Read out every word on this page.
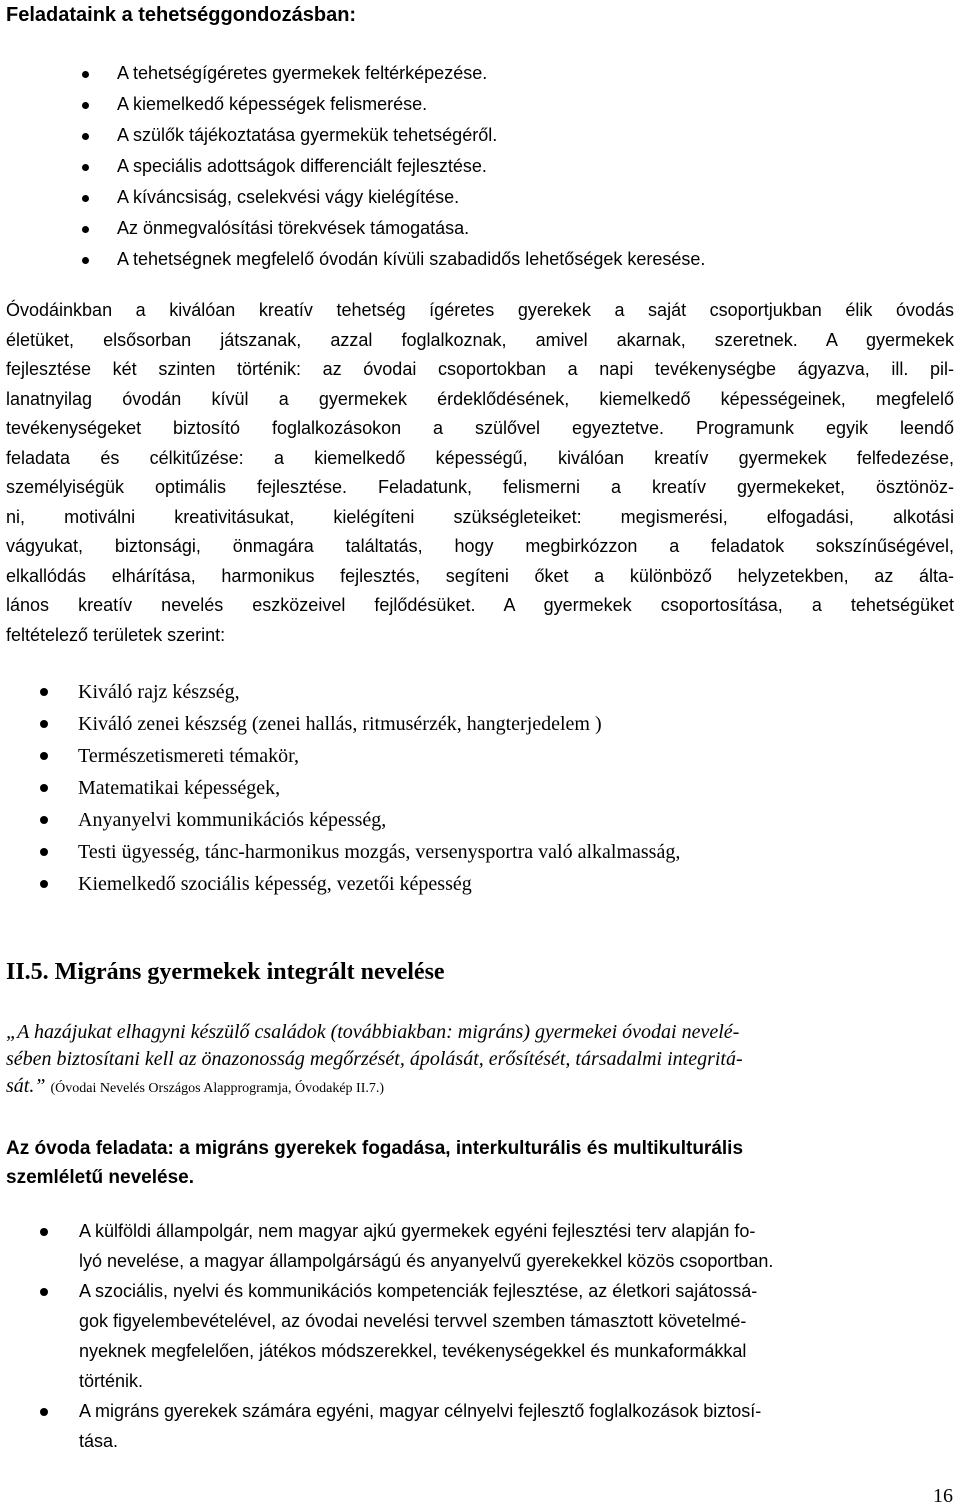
Feladataink a tehetséggondozásban:
A tehetségígéretes gyermekek feltérképezése.
A kiemelkedő képességek felismerése.
A szülők tájékoztatása gyermekük tehetségéről.
A speciális adottságok differenciált fejlesztése.
A kíváncsiság, cselekvési vágy kielégítése.
Az önmegvalósítási törekvések támogatása.
A tehetségnek megfelelő óvodán kívüli szabadidős lehetőségek keresése.

Óvodáinkban a kiválóan kreatív tehetség ígéretes gyerekek a saját csoportjukban élik óvodás
életüket, elsősorban játszanak, azzal foglalkoznak, amivel akarnak, szeretnek. A gyermekek
fejlesztése két szinten történik: az óvodai csoportokban a napi tevékenységbe ágyazva, ill. pil-
lanatnyilag óvodán kívül a gyermekek érdeklődésének, kiemelkedő képességeinek, megfelelő
tevékenységeket biztosító foglalkozásokon a szülővel egyeztetve. Programunk egyik leendő
feladata és célkitűzése: a kiemelkedő képességű, kiválóan kreatív gyermekek felfedezése,
személyiségük optimális fejlesztése. Feladatunk, felismerni a kreatív gyermekeket, ösztönöz-
ni, motiválni kreativitásukat, kielégíteni szükségleteiket: megismerési, elfogadási, alkotási
vágyukat, biztonsági, önmagára találtatás, hogy megbirkózzon a feladatok sokszínűségével,
elkallódás elhárítása, harmonikus fejlesztés, segíteni őket a különböző helyzetekben, az álta-
lános kreatív nevelés eszközeivel fejlődésüket. A gyermekek csoportosítása, a tehetségüket
feltételező területek szerint:

Kiváló rajz készség,
Kiváló zenei készség (zenei hallás, ritmusérzék, hangterjedelem )
Természetismereti témakör,
Matematikai képességek,
Anyanyelvi kommunikációs képesség,
Testi ügyesség, tánc-harmonikus mozgás, versenysportra való alkalmasság,
Kiemelkedő szociális képesség, vezetői képesség
II.5. Migráns gyermekek integrált nevelése

„A hazájukat elhagyni készülő családok (továbbiakban: migráns) gyermekei óvodai nevelé-
sében biztosítani kell az önazonosság megőrzését, ápolását, erősítését, társadalmi integritá-
sát.” (Óvodai Nevelés Országos Alapprogramja, Óvodakép II.7.)

Az óvoda feladata: a migráns gyerekek fogadása, interkulturális és multikulturális
szemléletű nevelése.
A külföldi állampolgár, nem magyar ajkú gyermekek egyéni fejlesztési terv alapján fo-
lyó nevelése, a magyar állampolgárságú és anyanyelvű gyerekekkel közös csoportban.
A szociális, nyelvi és kommunikációs kompetenciák fejlesztése, az életkori sajátossá-
gok figyelembevételével, az óvodai nevelési tervvel szemben támasztott követelmé-
nyeknek megfelelően, játékos módszerekkel, tevékenységekkel és munkaformákkal
történik.
A migráns gyerekek számára egyéni, magyar célnyelvi fejlesztő foglalkozások biztosí-
tása.
16
